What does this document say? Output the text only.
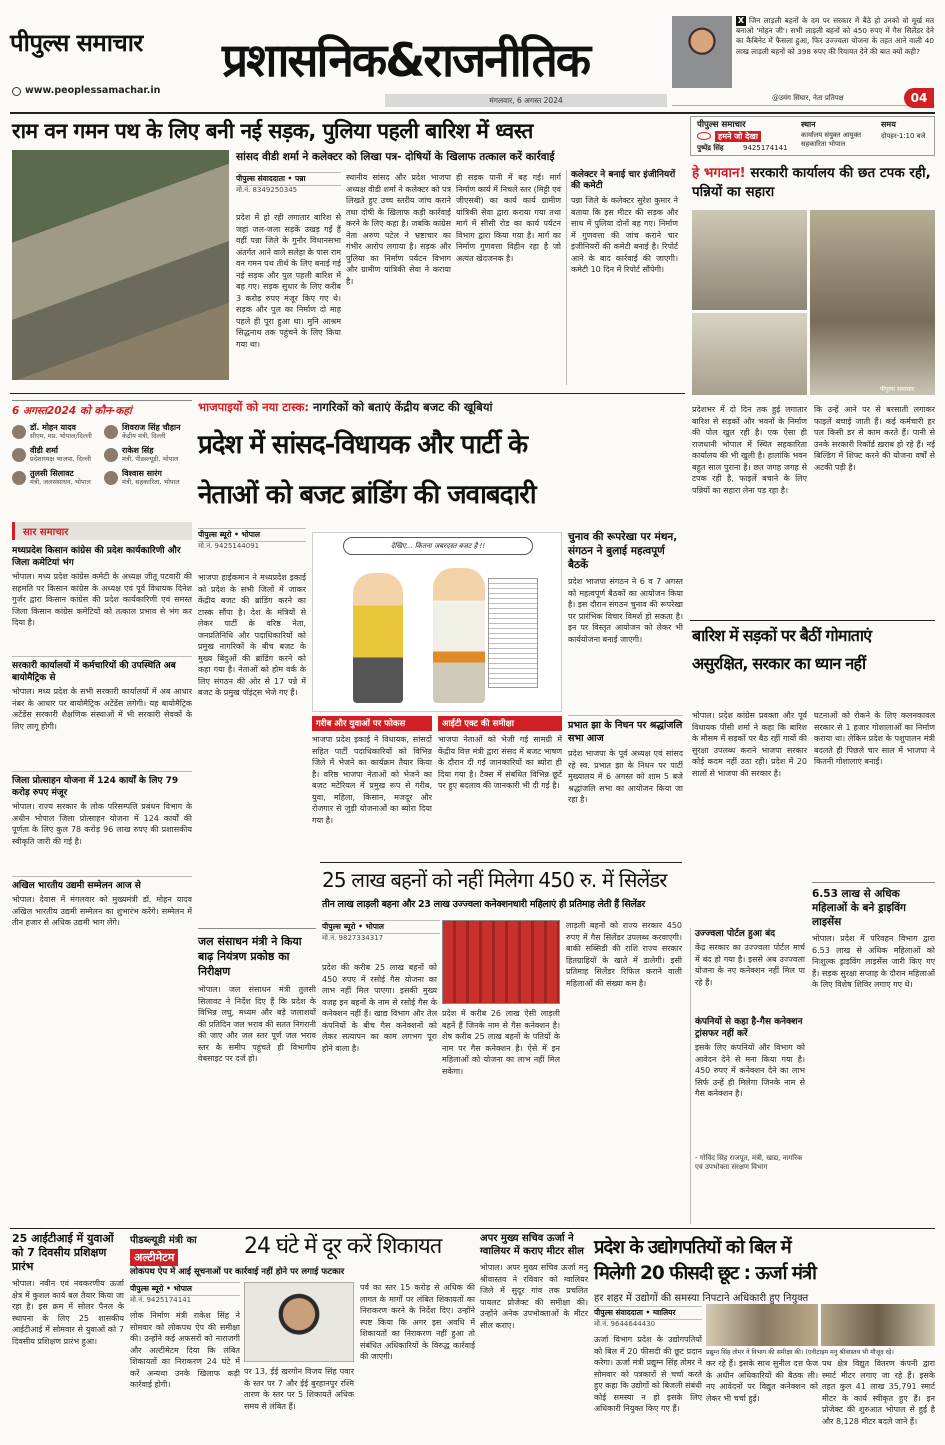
पीपुल्स समाचार
www.peoplessamachar.in
प्रशासनिक&राजनीतिक
मंगलवार, 6 अगस्त 2024
X जिन लाड़ली बहनों के दम पर सरकार में बैठे हो उनको वो मूर्ख मत बनाओ 'मोहन जी'। सभी लाड़ली बहनों को 450 रुपए में गैस सिलेंडर देने का कैबिनेट में फैसला हुआ, फिर उज्ज्वला योजना के तहत आने वाली 40 लाख लाड़ली बहनों को 398 रुपए की रियायत देने की बात क्यों कही?
@उमंग सिंघार, नेता प्रतिपक्ष	04
राम वन गमन पथ के लिए बनी नई सड़क, पुलिया पहली बारिश में ध्वस्त
सांसद वीडी शर्मा ने कलेक्टर को लिखा पत्र- दोषियों के खिलाफ तत्काल करें कार्रवाई
पीपुल्स संवाददाता • पन्ना
मो.नं. 8349250345
प्रदेश में हो रही लगातार बारिश से जहां जल-जला सड़कें उखड़ गईं हैं वहीं पन्ना जिले के गुनौर विधानसभा अंतर्गत आने वाले सलेहा के पास राम वन गमन पथ तीर्थ के लिए बनाई गई नई सड़क और पुल पहली बारिश में बह गए। सड़क सुधार के लिए करीब 3 करोड़ रुपए मंजूर किए गए थे। सड़क और पुल का निर्माण दो माह पहले ही पूरा हुआ था। मुनि आश्रम सिद्धनाथ तक पहुंचने के लिए किया गया था।
स्थानीय सांसद और प्रदेश भाजपा अध्यक्ष वीडी शर्मा ने कलेक्टर को पत्र लिखते हुए उच्च स्तरीय जांच कराने तथा दोषी के खिलाफ कड़ी कार्रवाई करने के लिए कहा है। जबकि कांग्रेस नेता अरुण पटेल ने भ्रष्टाचार का गंभीर आरोप लगाया है। सड़क और पुलिया का निर्माण पर्यटन विभाग और ग्रामीण यांत्रिकी सेवा ने कराया है।
ही सड़क पानी में बह गई। मार्ग निर्माण कार्य में निचले स्तर (मिट्टी एवं जीएसबी) का कार्य कार्य ग्रामीण यांत्रिकी सेवा द्वारा कराया गया तथा मार्ग में सीसी रोड का कार्य पर्यटन विभाग द्वारा किया गया है। मार्ग का निर्माण गुणवत्ता विहीन रहा है जो अत्यंत खेदजनक है।
कलेक्टर ने बनाई चार इंजीनियरों की कमेटी
पन्ना जिले के कलेक्टर सुरेश कुमार ने बताया कि इस मीटर की सड़क और साथ में पुलिया दोनों बह गए। निर्माण में गुणवत्ता की जांच कराने चार इंजीनियरों की कमेटी बनाई है। रिपोर्ट आने के बाद कार्रवाई की जाएगी। कमेटी 10 दिन में रिपोर्ट सौंपेगी।
पीपुल्स समाचार
हमने जो देखा
पुष्पेंद्र सिंह	9425174141
स्थान
कार्यालय संयुक्त आयुक्त सहकारिता भोपाल
समय
दोपहर-1:10 बजे
हे भगवान! सरकारी कार्यालय की छत टपक रही, पन्नियों का सहारा
पीपुल्स समाचार
प्रदेशभर में दो दिन तक हुई लगातार बारिश से सड़कों और भवनों के निर्माण की पोल खुल रही है। एक ऐसा ही राजधानी भोपाल में स्थित सहकारिता कार्यालय की भी खुली है। हालांकि भवन बहुत साल पुराना है। छत जगह जगह से टपक रही है, फाइलें बचाने के लिए पन्नियों का सहारा लेना पड़ रहा है।
कि उन्हें आने पर से बरसाती लगाकर फाइलें बचाई जाती हैं। कई कर्मचारी हर पल किसी डर से काम करते हैं। पानी से उनके सरकारी रिकॉर्ड ख़राब हो रहे हैं। नई बिल्डिंग में शिफ्ट करने की योजना वर्षों से अटकी पड़ी है।
6 अगस्त2024 को कौन-कहां
डॉ. मोहन यादव
सीएम, मप्र. भोपाल/दिल्ली
शिवराज सिंह चौहान
केंद्रीय मंत्री, दिल्ली
वीडी शर्मा
प्रदेशाध्यक्ष भाजपा, दिल्ली
राकेश सिंह
मंत्री, पीडब्ल्यूडी, भोपाल
तुलसी सिलावट
मंत्री, जलसंसाधन, भोपाल
विश्वास सारंग
मंत्री, सहकारिता, भोपाल
सार समाचार
मध्यप्रदेश किसान कांग्रेस की प्रदेश कार्यकारिणी और जिला कमेटियां भंग
भोपाल। मध्य प्रदेश कांग्रेस कमेटी के अध्यक्ष जीतू पटवारी की सहमति पर किसान कांग्रेस के अध्यक्ष एवं पूर्व विधायक दिनेश गुर्जर द्वारा किसान कांग्रेस की प्रदेश कार्यकारिणी एवं समस्त जिला किसान कांग्रेस कमेटियों को तत्काल प्रभाव से भंग कर दिया है।
सरकारी कार्यालयों में कर्मचारियों की उपस्थिति अब बायोमैट्रिक से
भोपाल। मध्य प्रदेश के सभी सरकारी कार्यालयों में अब आधार नंबर के आधार पर बायोमैट्रिक अटेंडेंस लगेगी। यह बायोमैट्रिक अटेंडेंस सरकारी शैक्षणिक संस्थाओं में भी सरकारी सेवकों के लिए लागू होगी।
जिला प्रोत्साहन योजना में 124 कार्यों के लिए 79 करोड़ रुपए मंजूर
भोपाल। राज्य सरकार के लोक परिसम्पत्ति प्रबंधन विभाग के अधीन भोपाल जिला प्रोत्साहन योजना में 124 कार्यों की पूर्णता के लिए कुल 78 करोड़ 96 लाख रुपए की प्रशासकीय स्वीकृति जारी की गई है।
अखिल भारतीय उद्यमी सम्मेलन आज से
भोपाल। देवास में मंगलवार को मुख्यमंत्री डॉ. मोहन यादव अखिल भारतीय उद्यमी सम्मेलन का शुभारंभ करेंगे। सम्मेलन में तीन हजार से अधिक उद्यमी भाग लेंगे।
भाजपाइयों को नया टास्क: नागरिकों को बताएं केंद्रीय बजट की खूबियां
प्रदेश में सांसद-विधायक और पार्टी के
नेताओं को बजट ब्रांडिंग की जवाबदारी
पीपुल्स ब्यूरो • भोपाल
मो.नं. 9425144091
भाजपा हाईकमान ने मध्यप्रदेश इकाई को प्रदेश के सभी जिलों में जाकर केंद्रीय बजट की ब्रांडिंग करने का टास्क सौंपा है। देश के मंत्रियों से लेकर पार्टी के वरिष्ठ नेता, जनप्रतिनिधि और पदाधिकारियों को प्रमुख नागरिकों के बीच बजट के मुख्य बिंदुओं की ब्रांडिंग करने को कहा गया है। नेताओं को होम वर्क के लिए संगठन की ओर से 17 पन्ने में बजट के प्रमुख पॉइंट्स भेजे गए हैं।
देखिए... कितना जबरदस्त बजट है !!
गरीब और युवाओं पर फोकस
भाजपा प्रदेश इकाई ने विधायक, सांसदों सहित पार्टी पदाधिकारियों को विभिन्न जिले में भेजने का कार्यक्रम तैयार किया है। वरिष्ठ भाजपा नेताओं को भेजने का बजट मटेरियल में प्रमुख रूप से गरीब, युवा, महिला, किसान, मजदूर और रोजगार से जुड़ी योजनाओं का ब्योरा दिया गया है।
आईटी एक्ट की समीक्षा
भाजपा नेताओं को भेजी गई सामग्री में केंद्रीय वित्त मंत्री द्वारा संसद में बजट भाषण के दौरान दी गई जानकारियों का ब्योरा ही दिया गया है। टैक्स में संबंधित विभिन्न छूटें पर हुए बदलाव की जानकारी भी दी गई है।
चुनाव की रूपरेखा पर मंथन, संगठन ने बुलाई महत्वपूर्ण बैठकें
प्रदेश भाजपा संगठन ने 6 व 7 अगस्त को महत्वपूर्ण बैठकों का आयोजन किया है। इस दौरान संगठन चुनाव की रूपरेखा पर प्रारंभिक विचार विमर्श हो सकता है। इन पर विस्तृत आयोजन को लेकर भी कार्ययोजना बनाई जाएगी।
प्रभात झा के निधन पर श्रद्धांजलि सभा आज
प्रदेश भाजपा के पूर्व अध्यक्ष एवं सांसद रहे स्व. प्रभात झा के निधन पर पार्टी मुख्यालय में 6 अगस्त को शाम 5 बजे श्रद्धांजलि सभा का आयोजन किया जा रहा है।
बारिश में सड़कों पर बैठीं गोमाताएं
असुरक्षित, सरकार का ध्यान नहीं
भोपाल। प्रदेश कांग्रेस प्रवक्ता और पूर्व विधायक पीसी शर्मा ने कहा कि बारिश के मौसम में सड़कों पर बैठ रहीं गायों की सुरक्षा उपलब्ध कराने भाजपा सरकार कोई कदम नहीं उठा रही। प्रदेश में 20 सालों से भाजपा की सरकार है।
घटनाओं को रोकने के लिए कलनकावल सरकार से 1 हजार गोशालाओं का निर्माण कराया था। लेकिन प्रदेश के पशुपालन मंत्री बदलते ही पिछले चार साल में भाजपा ने कितनी गोशालाएं बनाईं।
जल संसाधन मंत्री ने किया बाढ़ नियंत्रण प्रकोष्ठ का निरीक्षण
भोपाल। जल संसाधन मंत्री तुलसी सिलावट ने निर्देश दिए हैं कि प्रदेश के विभिन्न लघु, मध्यम और बड़े जलाशयों की प्रतिदिन जल भराव की सतत निगरानी की जाए और जल स्तर पूर्ण जल भराव स्तर के समीप पहुंचते ही विभागीय वेबसाइट पर दर्ज हो।
25 लाख बहनों को नहीं मिलेगा 450 रु. में सिलेंडर
तीन लाख लाड़ली बहना और 23 लाख उज्ज्वला कनेक्शनधारी महिलाएं ही प्रतिमाह लेती हैं सिलेंडर
पीपुल्स ब्यूरो • भोपाल
मो.नं. 9827334317
प्रदेश की करीब 25 लाख बहनों को 450 रुपए में रसोई गैस योजना का लाभ नहीं मिल पाएगा। इसकी मुख्य वजह इन बहनों के नाम से रसोई गैस के कनेक्शन नहीं हैं। खाद्य विभाग और तेल कंपनियों के बीच गैस कनेक्शनों को लेकर सत्यापन का काम लगभग पूरा होने वाला है।
प्रदेश में करीब 26 लाख ऐसी लाड़ली बहनें हैं जिनके नाम से गैस कनेक्शन है। शेष करीब 25 लाख बहनों के पतियों के नाम पर गैस कनेक्शन है। ऐसे में इन महिलाओं को योजना का लाभ नहीं मिल सकेगा।
लाड़ली बहनों को राज्य सरकार 450 रुपए में गैस सिलेंडर उपलब्ध करवाएगी। बाकी सब्सिडी की राशि राज्य सरकार हितग्राहियों के खाते में डालेगी। इसी प्रतिमाह सिलेंडर रिफिल कराने वाली महिलाओं की संख्या कम है।
उज्ज्वला पोर्टल हुआ बंद
केंद्र सरकार का उज्ज्वला पोर्टल मार्च में बंद हो गया है। इससे अब उज्ज्वला योजना के नए कनेक्शन नहीं मिल पा रहे हैं।
कंपनियों से कहा है-गैस कनेक्शन ट्रांसफर नहीं करें
इसके लिए कंपनियों और विभाग को आवेदन देने से मना किया गया है। 450 रुपए में कनेक्शन देने का लाभ सिर्फ उन्हें ही मिलेगा जिनके नाम से गैस कनेक्शन है।
- गोविंद सिंह राजपूत, मंत्री, खाद्य, नागरिक एवं उपभोक्ता संरक्षण विभाग
6.53 लाख से अधिक महिलाओं के बने ड्राइविंग लाइसेंस
भोपाल। प्रदेश में परिवहन विभाग द्वारा 6.53 लाख से अधिक महिलाओं को निःशुल्क ड्राइविंग लाइसेंस जारी किए गए हैं। सड़क सुरक्षा सप्ताह के दौरान महिलाओं के लिए विशेष शिविर लगाए गए थे।
25 आईटीआई में युवाओं को 7 दिवसीय प्रशिक्षण प्रारंभ
भोपाल। नवीन एवं नवकरणीय ऊर्जा क्षेत्र में कुशल कार्य बल तैयार किया जा रहा है। इस क्रम में सोलर पैनल के स्थापना के लिए 25 शासकीय आईटीआई में सोमवार से युवाओं को 7 दिवसीय प्रशिक्षण प्रारंभ हुआ।
पीडब्ल्यूडी मंत्री का
अल्टीमेटम	24 घंटे में दूर करें शिकायत
लोकपथ ऐप में आई सूचनाओं पर कार्रवाई नहीं होने पर लगाई फटकार
पीपुल्स ब्यूरो • भोपाल
मो.नं. 9425174141
लोक निर्माण मंत्री राकेश सिंह ने सोमवार को लोकपथ ऐप की समीक्षा की। उन्होंने कई अफसरों को नाराजगी और अल्टीमेटम दिया कि लंबित शिकायतों का निराकरण 24 घंटे में करें अन्यथा उनके खिलाफ कड़ी कार्रवाई होगी।
पर 13, ईई खरगोन विजय सिंह पवार के स्तर पर 7 और ईई बुरहानपुर रश्मि तारण के स्तर पर 5 शिकायतें अधिक समय से लंबित हैं।
पर्व का स्तर 15 करोड़ से अधिक की लागत के मार्गों पर लंबित शिकायतों का निराकरण करने के निर्देश दिए। उन्होंने स्पष्ट किया कि अगर इस अवधि में शिकायतों का निराकरण नहीं हुआ तो संबंधित अधिकारियों के विरुद्ध कार्रवाई की जाएगी।
अपर मुख्य सचिव ऊर्जा ने ग्वालियर में कराए मीटर सील
भोपाल। अपर मुख्य सचिव ऊर्जा मनु श्रीवास्तव ने रविवार को ग्वालियर जिले में सुदूर गांव तक प्रचलित पायलट प्रोजेक्ट की समीक्षा की। उन्होंने अनेक उपभोक्ताओं के मीटर सील कराए।
प्रदेश के उद्योगपतियों को बिल में
मिलेगी 20 फीसदी छूट : ऊर्जा मंत्री
हर शहर में उद्योगों की समस्या निपटाने अधिकारी हुए नियुक्त
पीपुल्स संवाददाता • ग्वालियर
मो.नं. 9644644430
प्रद्युम्न सिंह तोमर ने विभाग की समीक्षा की। (एनीटाइम मनु श्रीवास्तव भी मौजूद रहे।
ऊर्जा विभाग प्रदेश के उद्योगपतियों को बिल में 20 फीसदी की छूट प्रदान करेगा। ऊर्जा मंत्री प्रद्युम्न सिंह तोमर ने सोमवार को पत्रकारों से चर्चा करते हुए कहा कि उद्योगों को बिजली संबंधी कोई समस्या न हो इसके लिए अधिकारी नियुक्त किए गए हैं।
कर रहे हैं। इसके साथ सुनील दत्त फेज के अधीन अधिकारियों की बैठक ली। नए आवेदनों पर विद्युत कनेक्शन को लेकर भी चर्चा हुई।
पथ क्षेत्र विद्युत वितरण कंपनी द्वारा स्मार्ट मीटर लगाए जा रहे हैं। इसके तहत कुल 41 लाख 35,791 स्मार्ट मीटर के कार्य स्वीकृत हुए हैं। इन प्रोजेक्ट की शुरुआत भोपाल से हुई है और 8,128 मीटर बदले जाने हैं।
